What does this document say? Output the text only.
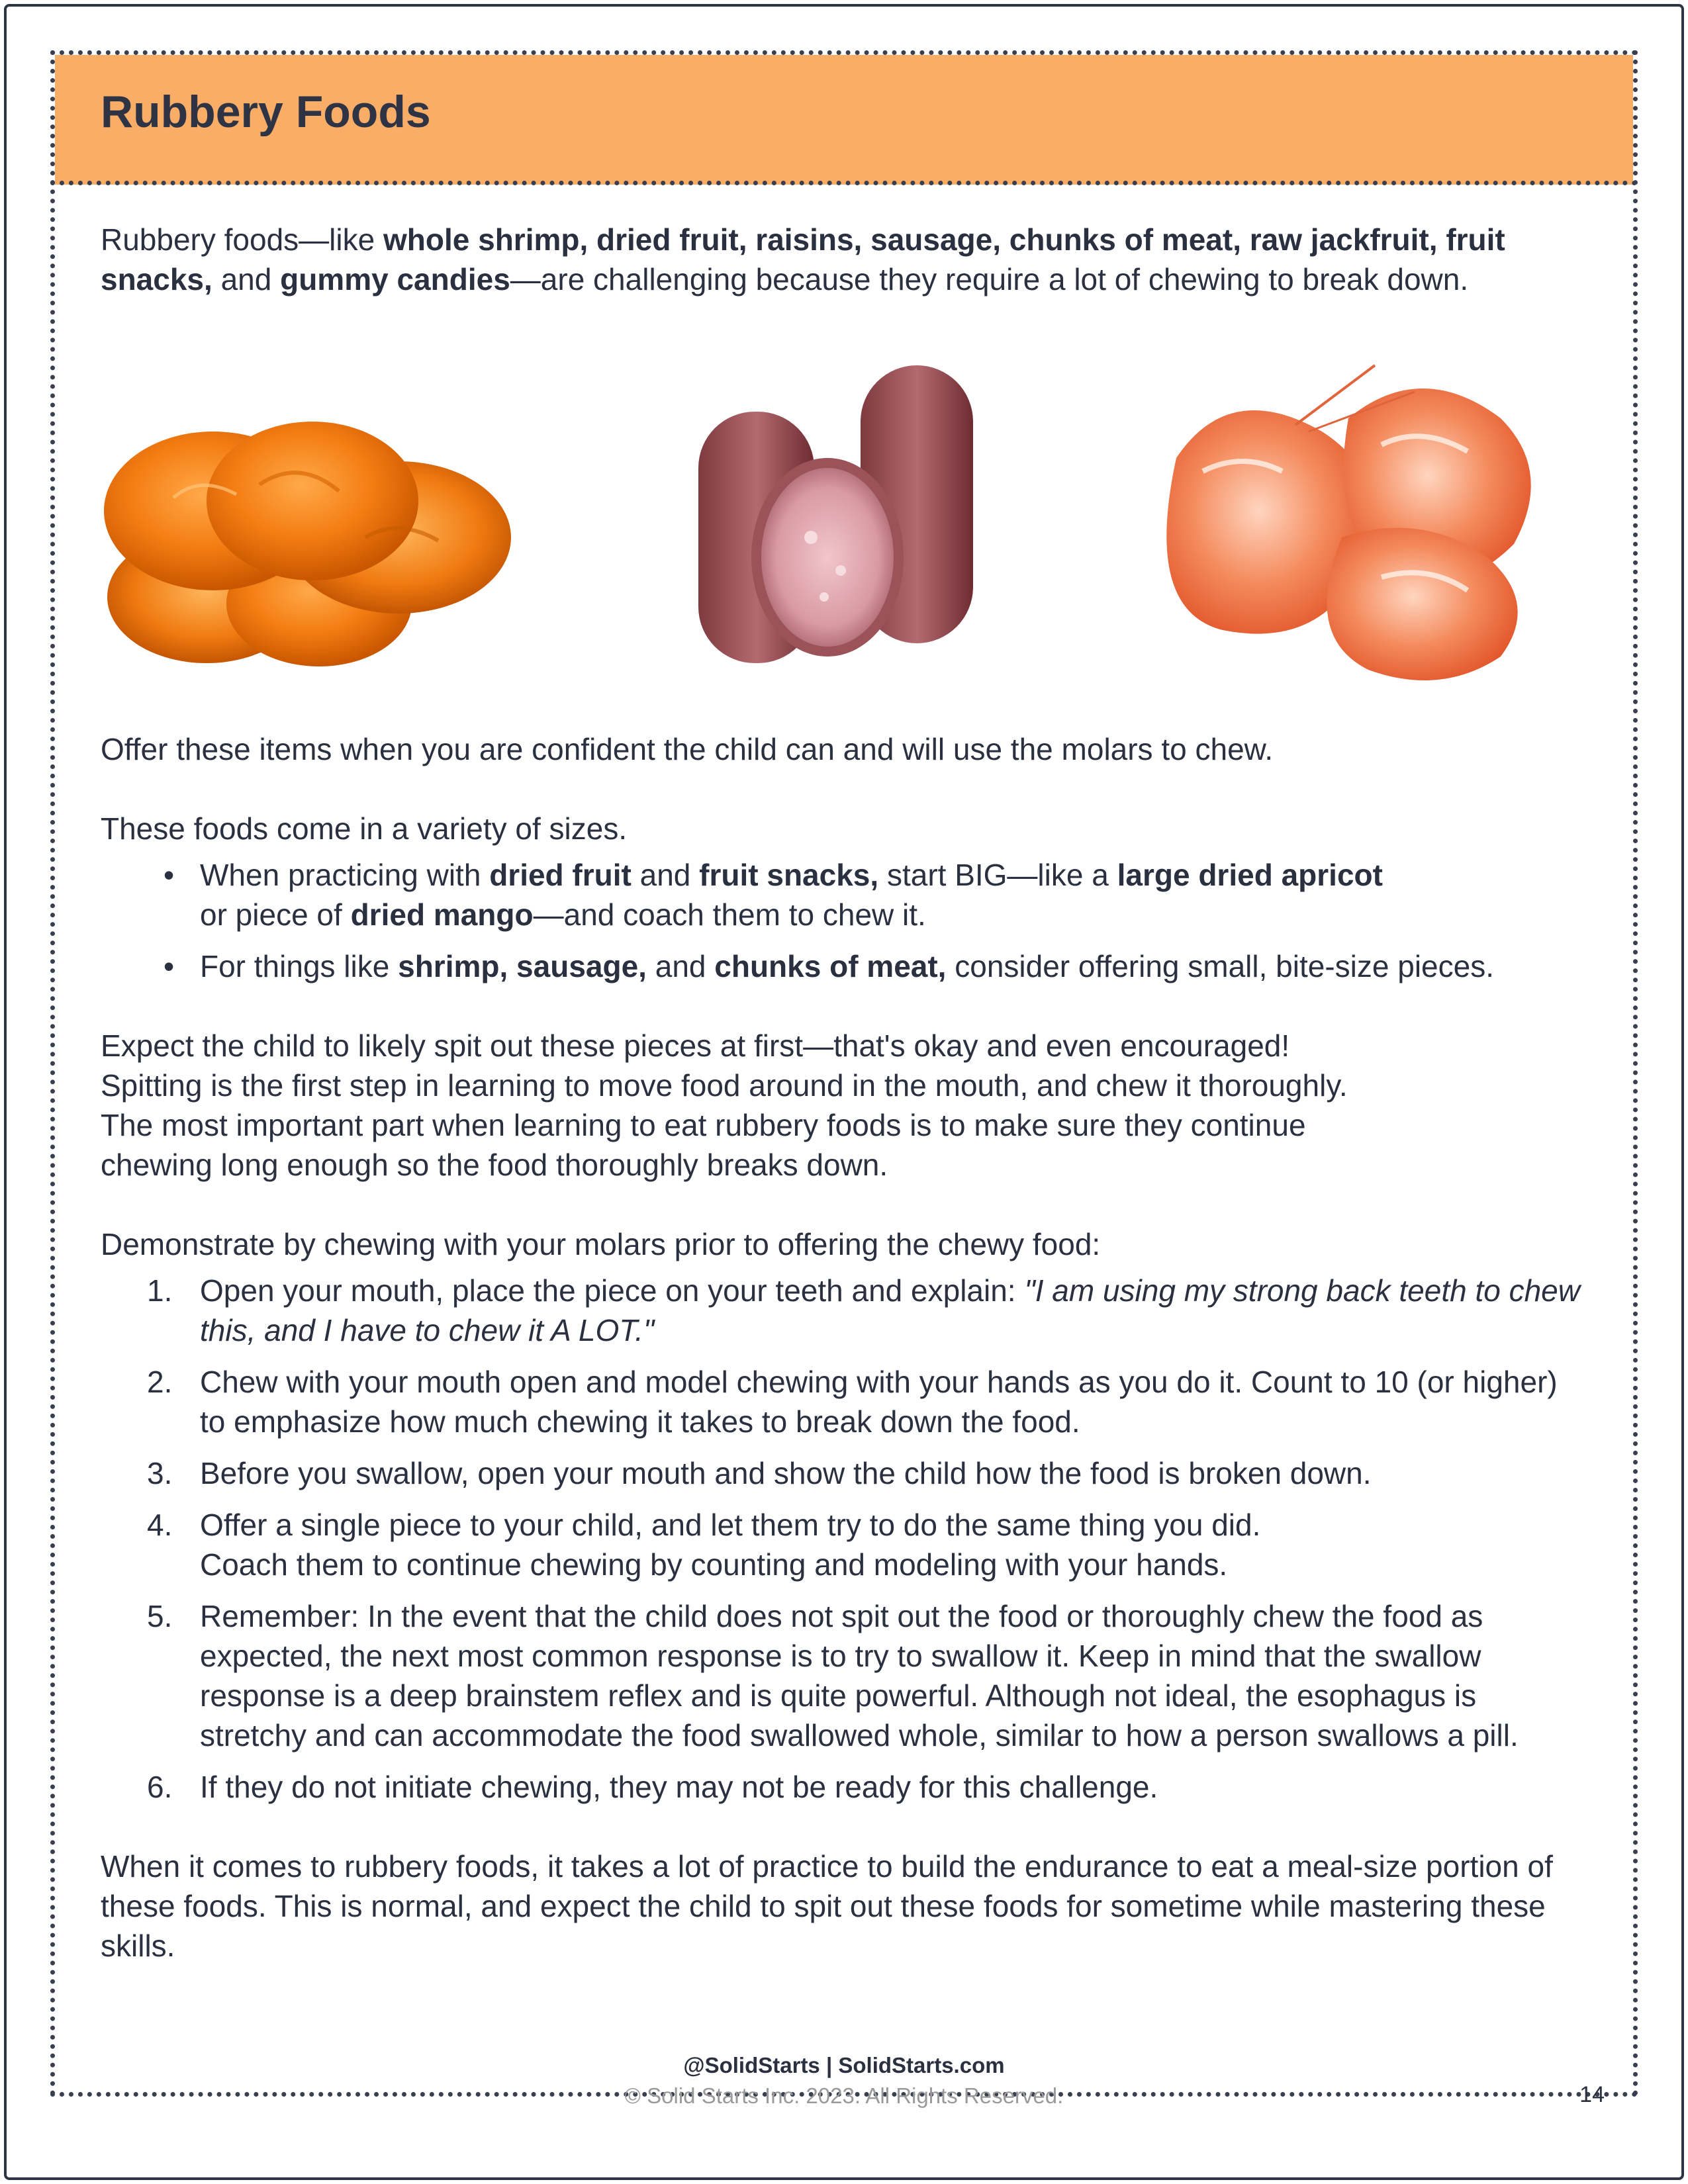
Rubbery Foods

Rubbery foods—like whole shrimp, dried fruit, raisins, sausage, chunks of meat, raw jackfruit, fruit snacks, and gummy candies—are challenging because they require a lot of chewing to break down.

Offer these items when you are confident the child can and will use the molars to chew.

These foods come in a variety of sizes.

• When practicing with dried fruit and fruit snacks, start BIG—like a large dried apricot
or piece of dried mango—and coach them to chew it.
• For things like shrimp, sausage, and chunks of meat, consider offering small, bite-size pieces.

Expect the child to likely spit out these pieces at first—that's okay and even encouraged!
Spitting is the first step in learning to move food around in the mouth, and chew it thoroughly.
The most important part when learning to eat rubbery foods is to make sure they continue
chewing long enough so the food thoroughly breaks down.

Demonstrate by chewing with your molars prior to offering the chewy food:

1. Open your mouth, place the piece on your teeth and explain: "I am using my strong back teeth to chew this, and I have to chew it A LOT."
2. Chew with your mouth open and model chewing with your hands as you do it. Count to 10 (or higher) to emphasize how much chewing it takes to break down the food.
3. Before you swallow, open your mouth and show the child how the food is broken down.
4. Offer a single piece to your child, and let them try to do the same thing you did.
Coach them to continue chewing by counting and modeling with your hands.
5. Remember: In the event that the child does not spit out the food or thoroughly chew the food as expected, the next most common response is to try to swallow it. Keep in mind that the swallow response is a deep brainstem reflex and is quite powerful. Although not ideal, the esophagus is stretchy and can accommodate the food swallowed whole, similar to how a person swallows a pill.
6. If they do not initiate chewing, they may not be ready for this challenge.

When it comes to rubbery foods, it takes a lot of practice to build the endurance to eat a meal-size portion of these foods. This is normal, and expect the child to spit out these foods for sometime while mastering these skills.

@SolidStarts | SolidStarts.com
© Solid Starts Inc. 2023. All Rights Reserved.	14
